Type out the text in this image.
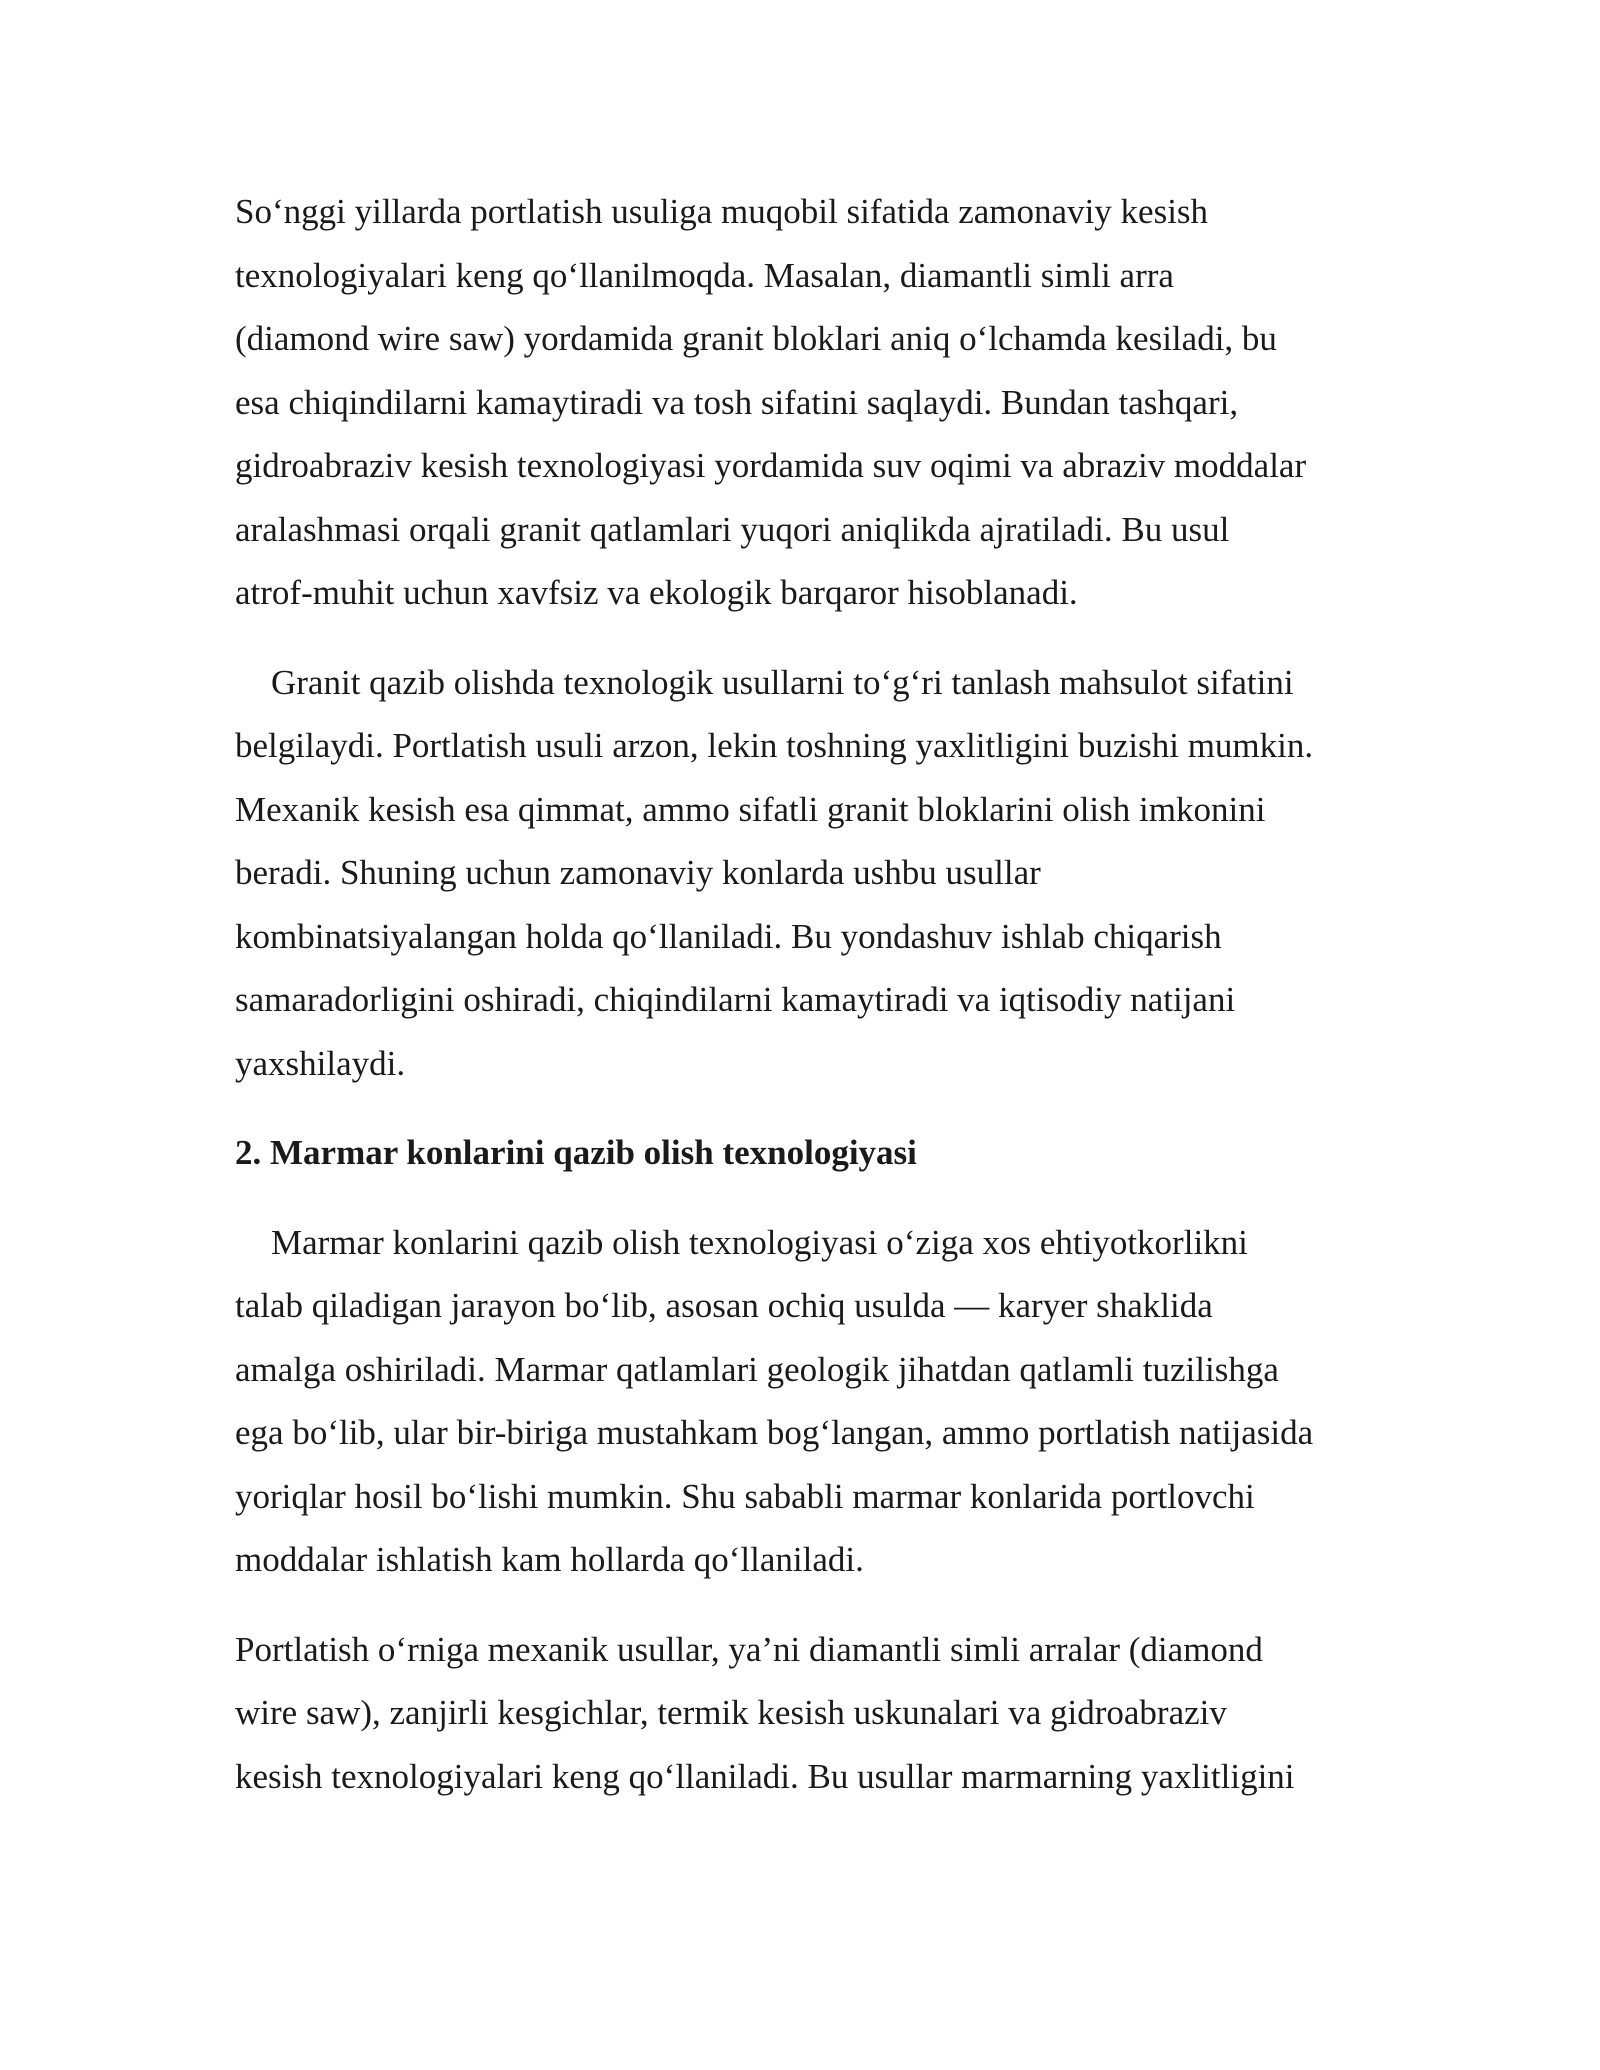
So‘nggi yillarda portlatish usuliga muqobil sifatida zamonaviy kesish
texnologiyalari keng qo‘llanilmoqda. Masalan, diamantli simli arra
(diamond wire saw) yordamida granit bloklari aniq o‘lchamda kesiladi, bu
esa chiqindilarni kamaytiradi va tosh sifatini saqlaydi. Bundan tashqari,
gidroabraziv kesish texnologiyasi yordamida suv oqimi va abraziv moddalar
aralashmasi orqali granit qatlamlari yuqori aniqlikda ajratiladi. Bu usul
atrof-muhit uchun xavfsiz va ekologik barqaror hisoblanadi.

Granit qazib olishda texnologik usullarni to‘g‘ri tanlash mahsulot sifatini
belgilaydi. Portlatish usuli arzon, lekin toshning yaxlitligini buzishi mumkin.
Mexanik kesish esa qimmat, ammo sifatli granit bloklarini olish imkonini
beradi. Shuning uchun zamonaviy konlarda ushbu usullar
kombinatsiyalangan holda qo‘llaniladi. Bu yondashuv ishlab chiqarish
samaradorligini oshiradi, chiqindilarni kamaytiradi va iqtisodiy natijani
yaxshilaydi.

2. Marmar konlarini qazib olish texnologiyasi

Marmar konlarini qazib olish texnologiyasi o‘ziga xos ehtiyotkorlikni
talab qiladigan jarayon bo‘lib, asosan ochiq usulda — karyer shaklida
amalga oshiriladi. Marmar qatlamlari geologik jihatdan qatlamli tuzilishga
ega bo‘lib, ular bir-biriga mustahkam bog‘langan, ammo portlatish natijasida
yoriqlar hosil bo‘lishi mumkin. Shu sababli marmar konlarida portlovchi
moddalar ishlatish kam hollarda qo‘llaniladi.

Portlatish o‘rniga mexanik usullar, ya’ni diamantli simli arralar (diamond
wire saw), zanjirli kesgichlar, termik kesish uskunalari va gidroabraziv
kesish texnologiyalari keng qo‘llaniladi. Bu usullar marmarning yaxlitligini
